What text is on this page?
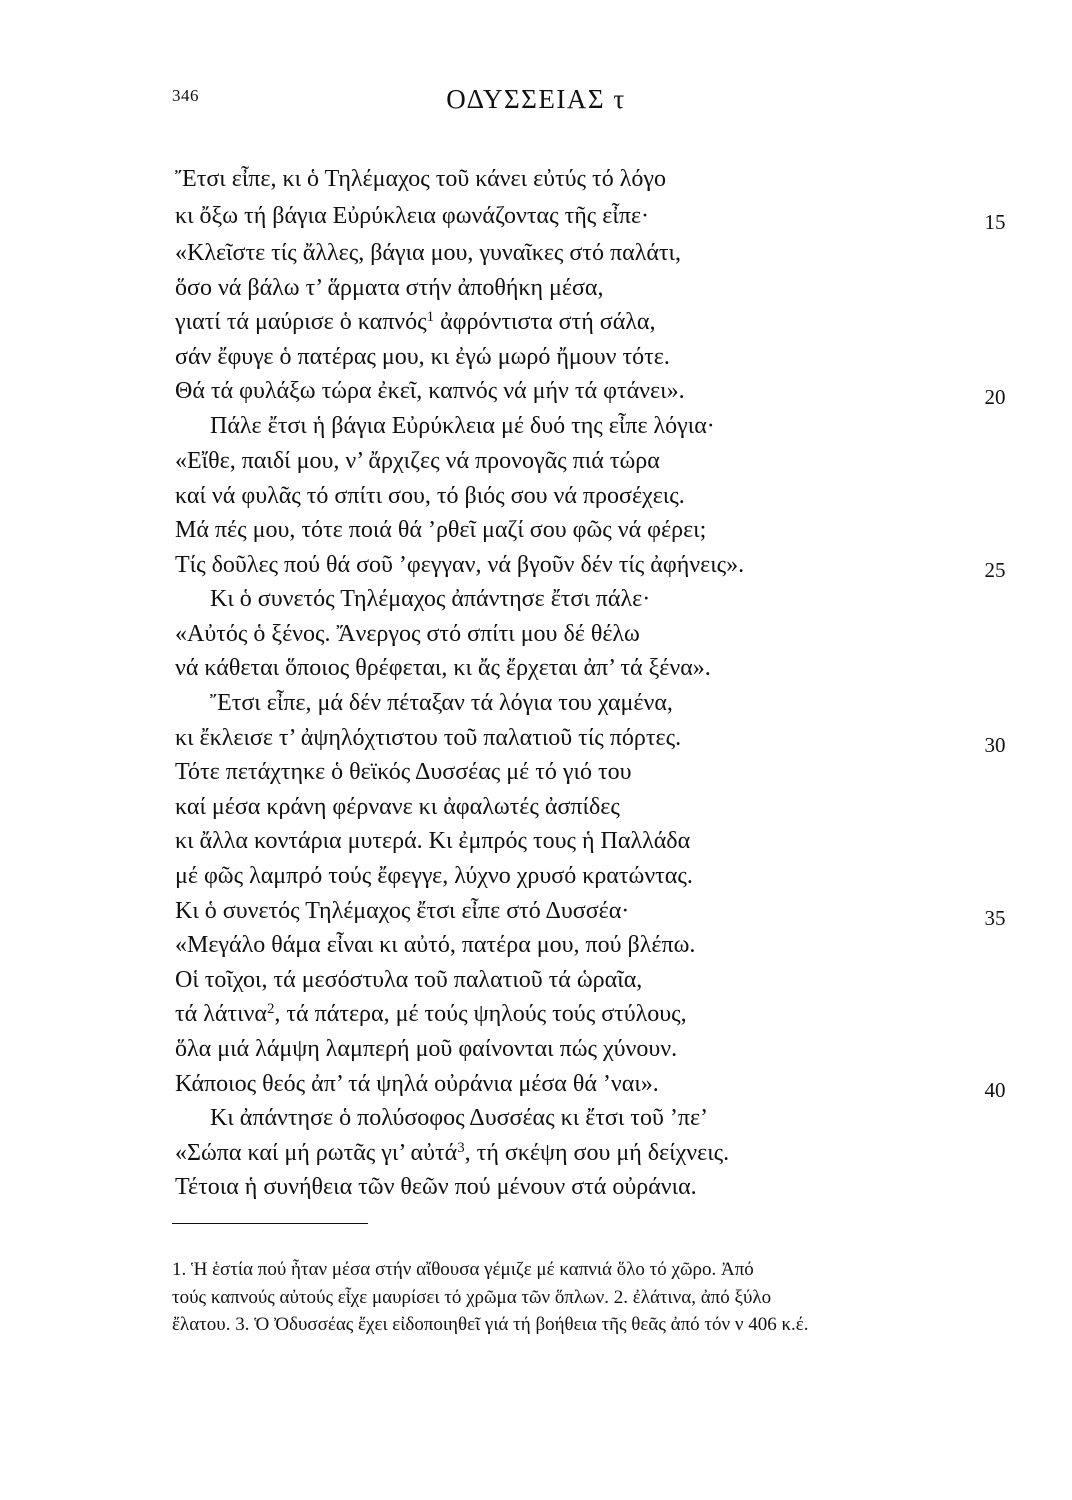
346	ΟΔΥΣΣΕΙΑΣ τ
Ἔτσι εἶπε, κι ὁ Τηλέμαχος τοῦ κάνει εὐτύς τό λόγο
κι ὄξω τή βάγια Εὐρύκλεια φωνάζοντας τῆς εἶπε·	15
«Κλεῖστε τίς ἄλλες, βάγια μου, γυναῖκες στό παλάτι,
ὅσο νά βάλω τ’ ἅρματα στήν ἀποθήκη μέσα,
γιατί τά μαύρισε ὁ καπνός$^1$ ἀφρόντιστα στή σάλα,
σάν ἔφυγε ὁ πατέρας μου, κι ἐγώ μωρό ἤμουν τότε.
Θά τά φυλάξω τώρα ἐκεῖ, καπνός νά μήν τά φτάνει».	20
Πάλε ἔτσι ἡ βάγια Εὐρύκλεια μέ δυό της εἶπε λόγια·
«Εἴθε, παιδί μου, ν’ ἄρχιζες νά προνογᾶς πιά τώρα
καί νά φυλᾶς τό σπίτι σου, τό βιός σου νά προσέχεις.
Μά πές μου, τότε ποιά θά ’ρθεῖ μαζί σου φῶς νά φέρει;
Τίς δοῦλες πού θά σοῦ ’φεγγαν, νά βγοῦν δέν τίς ἀφήνεις».	25
Κι ὁ συνετός Τηλέμαχος ἀπάντησε ἔτσι πάλε·
«Αὐτός ὁ ξένος. Ἄνεργος στό σπίτι μου δέ θέλω
νά κάθεται ὅποιος θρέφεται, κι ἄς ἔρχεται ἀπ’ τά ξένα».
Ἔτσι εἶπε, μά δέν πέταξαν τά λόγια του χαμένα,
κι ἔκλεισε τ’ ἀψηλόχτιστου τοῦ παλατιοῦ τίς πόρτες.	30
Τότε πετάχτηκε ὁ θεϊκός Δυσσέας μέ τό γιό του
καί μέσα κράνη φέρνανε κι ἀφαλωτές ἀσπίδες
κι ἄλλα κοντάρια μυτερά. Κι ἐμπρός τους ἡ Παλλάδα
μέ φῶς λαμπρό τούς ἔφεγγε, λύχνο χρυσό κρατώντας.
Κι ὁ συνετός Τηλέμαχος ἔτσι εἶπε στό Δυσσέα·	35
«Μεγάλο θάμα εἶναι κι αὐτό, πατέρα μου, πού βλέπω.
Οἱ τοῖχοι, τά μεσόστυλα τοῦ παλατιοῦ τά ὡραῖα,
τά λάτινα$^2$, τά πάτερα, μέ τούς ψηλούς τούς στύλους,
ὅλα μιά λάμψη λαμπερή μοῦ φαίνονται πώς χύνουν.
Κάποιος θεός ἀπ’ τά ψηλά οὐράνια μέσα θά ’ναι».	40
Κι ἀπάντησε ὁ πολύσοφος Δυσσέας κι ἔτσι τοῦ ’πε’
«Σώπα καί μή ρωτᾶς γι’ αὐτά$^3$, τή σκέψη σου μή δείχνεις.
Τέτοια ἡ συνήθεια τῶν θεῶν πού μένουν στά οὐράνια.
1. Ἡ ἑστία πού ἦταν μέσα στήν αἴθουσα γέμιζε μέ καπνιά ὅλο τό χῶρο. Ἀπό
τούς καπνούς αὐτούς εἶχε μαυρίσει τό χρῶμα τῶν ὅπλων. 2. ἐλάτινα, ἀπό ξύλο
ἔλατου. 3. Ὁ Ὀδυσσέας ἔχει εἰδοποιηθεῖ γιά τή βοήθεια τῆς θεᾶς ἀπό τόν ν 406 κ.έ.
